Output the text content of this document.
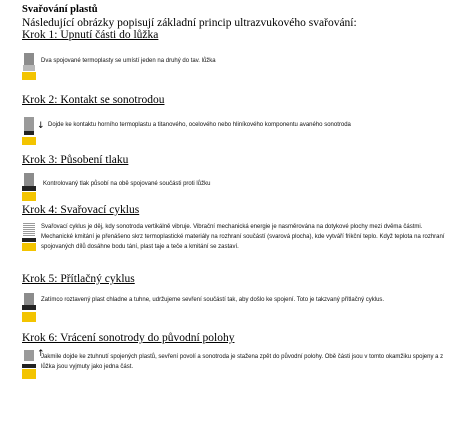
Svařování plastů
Následující obrázky popisují základní princip ultrazvukového svařování:
Krok 1: Upnutí části do lůžka
Dva spojované termoplasty se umístí jeden na druhý do tav. lůžka
Krok 2: Kontakt se sonotrodou
↓ Dojde ke kontaktu horního termoplastu a titanového, ocelového nebo hliníkového komponentu avaného sonotroda
Krok 3: Působení tlaku
Kontrolovaný tlak působí na obě spojované součásti proti lůžku
Krok 4: Svařovací cyklus
Svařovací cyklus je děj, kdy sonotroda vertikálně vibruje. Vibrační mechanická energie je nasměrována na dotykové plochy mezi dvěma částmi. Mechanické kmitání je přenášeno skrz termoplastické materiály na rozhraní součástí (svarová plocha), kde vytváří frikční teplo. Když teplota na rozhraní spojovaných dílů dosáhne bodu tání, plast taje a teče a kmitání se zastaví.
Krok 5: Přítlačný cyklus
Zatímco roztavený plast chladne a tuhne, udržujeme sevření součástí tak, aby došlo ke spojení. Toto je takzvaný přítlačný cyklus.
Krok 6: Vrácení sonotrody do původní polohy
↑
Jakmile dojde ke ztuhnutí spojených plastů, sevření povolí a sonotroda je stažena zpět do původní polohy. Obě části jsou v tomto okamžiku spojeny a z lůžka jsou vyjmuty jako jedna část.
